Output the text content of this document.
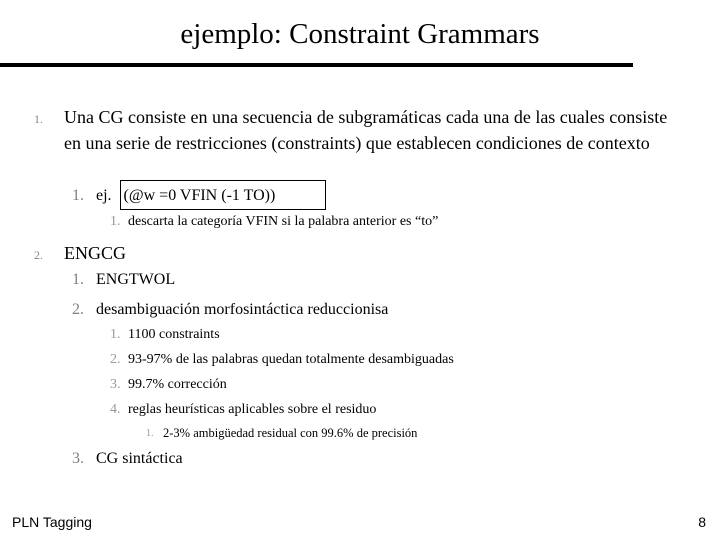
ejemplo: Constraint Grammars
1. Una CG consiste en una secuencia de subgramáticas cada una de las cuales consiste en una serie de restricciones (constraints) que establecen condiciones de contexto
1. ej. (@w =0 VFIN (-1 TO))
1. descarta la categoría VFIN si la palabra anterior es “to”
2. ENGCG
1. ENGTWOL
2. desambiguación morfosintáctica reduccionisa
1. 1100 constraints
2. 93-97% de las palabras quedan totalmente desambiguadas
3. 99.7% corrección
4. reglas heurísticas aplicables sobre el residuo
1. 2-3% ambigüedad residual con 99.6% de precisión
3. CG sintáctica
PLN Tagging	8
